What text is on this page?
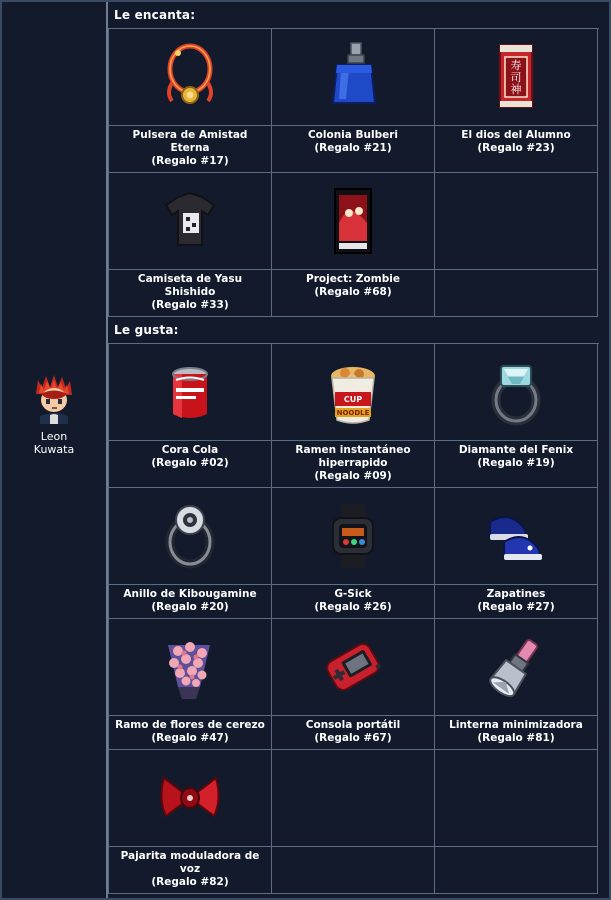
Leon
Kuwata
Le encanta:
Pulsera de Amistad Eterna
(Regalo #17)
Colonia Bulberi
(Regalo #21)
寿
司
神
El dios del Alumno
(Regalo #23)
Camiseta de Yasu Shishido
(Regalo #33)
Project: Zombie
(Regalo #68)
Le gusta:
Cora Cola
(Regalo #02)
CUP
NOODLE
Ramen instantáneo hiperrapido
(Regalo #09)
Diamante del Fenix
(Regalo #19)
Anillo de Kibougamine
(Regalo #20)
G-Sick
(Regalo #26)
Zapatines
(Regalo #27)
Ramo de flores de cerezo
(Regalo #47)
Consola portátil
(Regalo #67)
Linterna minimizadora
(Regalo #81)
Pajarita moduladora de voz
(Regalo #82)
